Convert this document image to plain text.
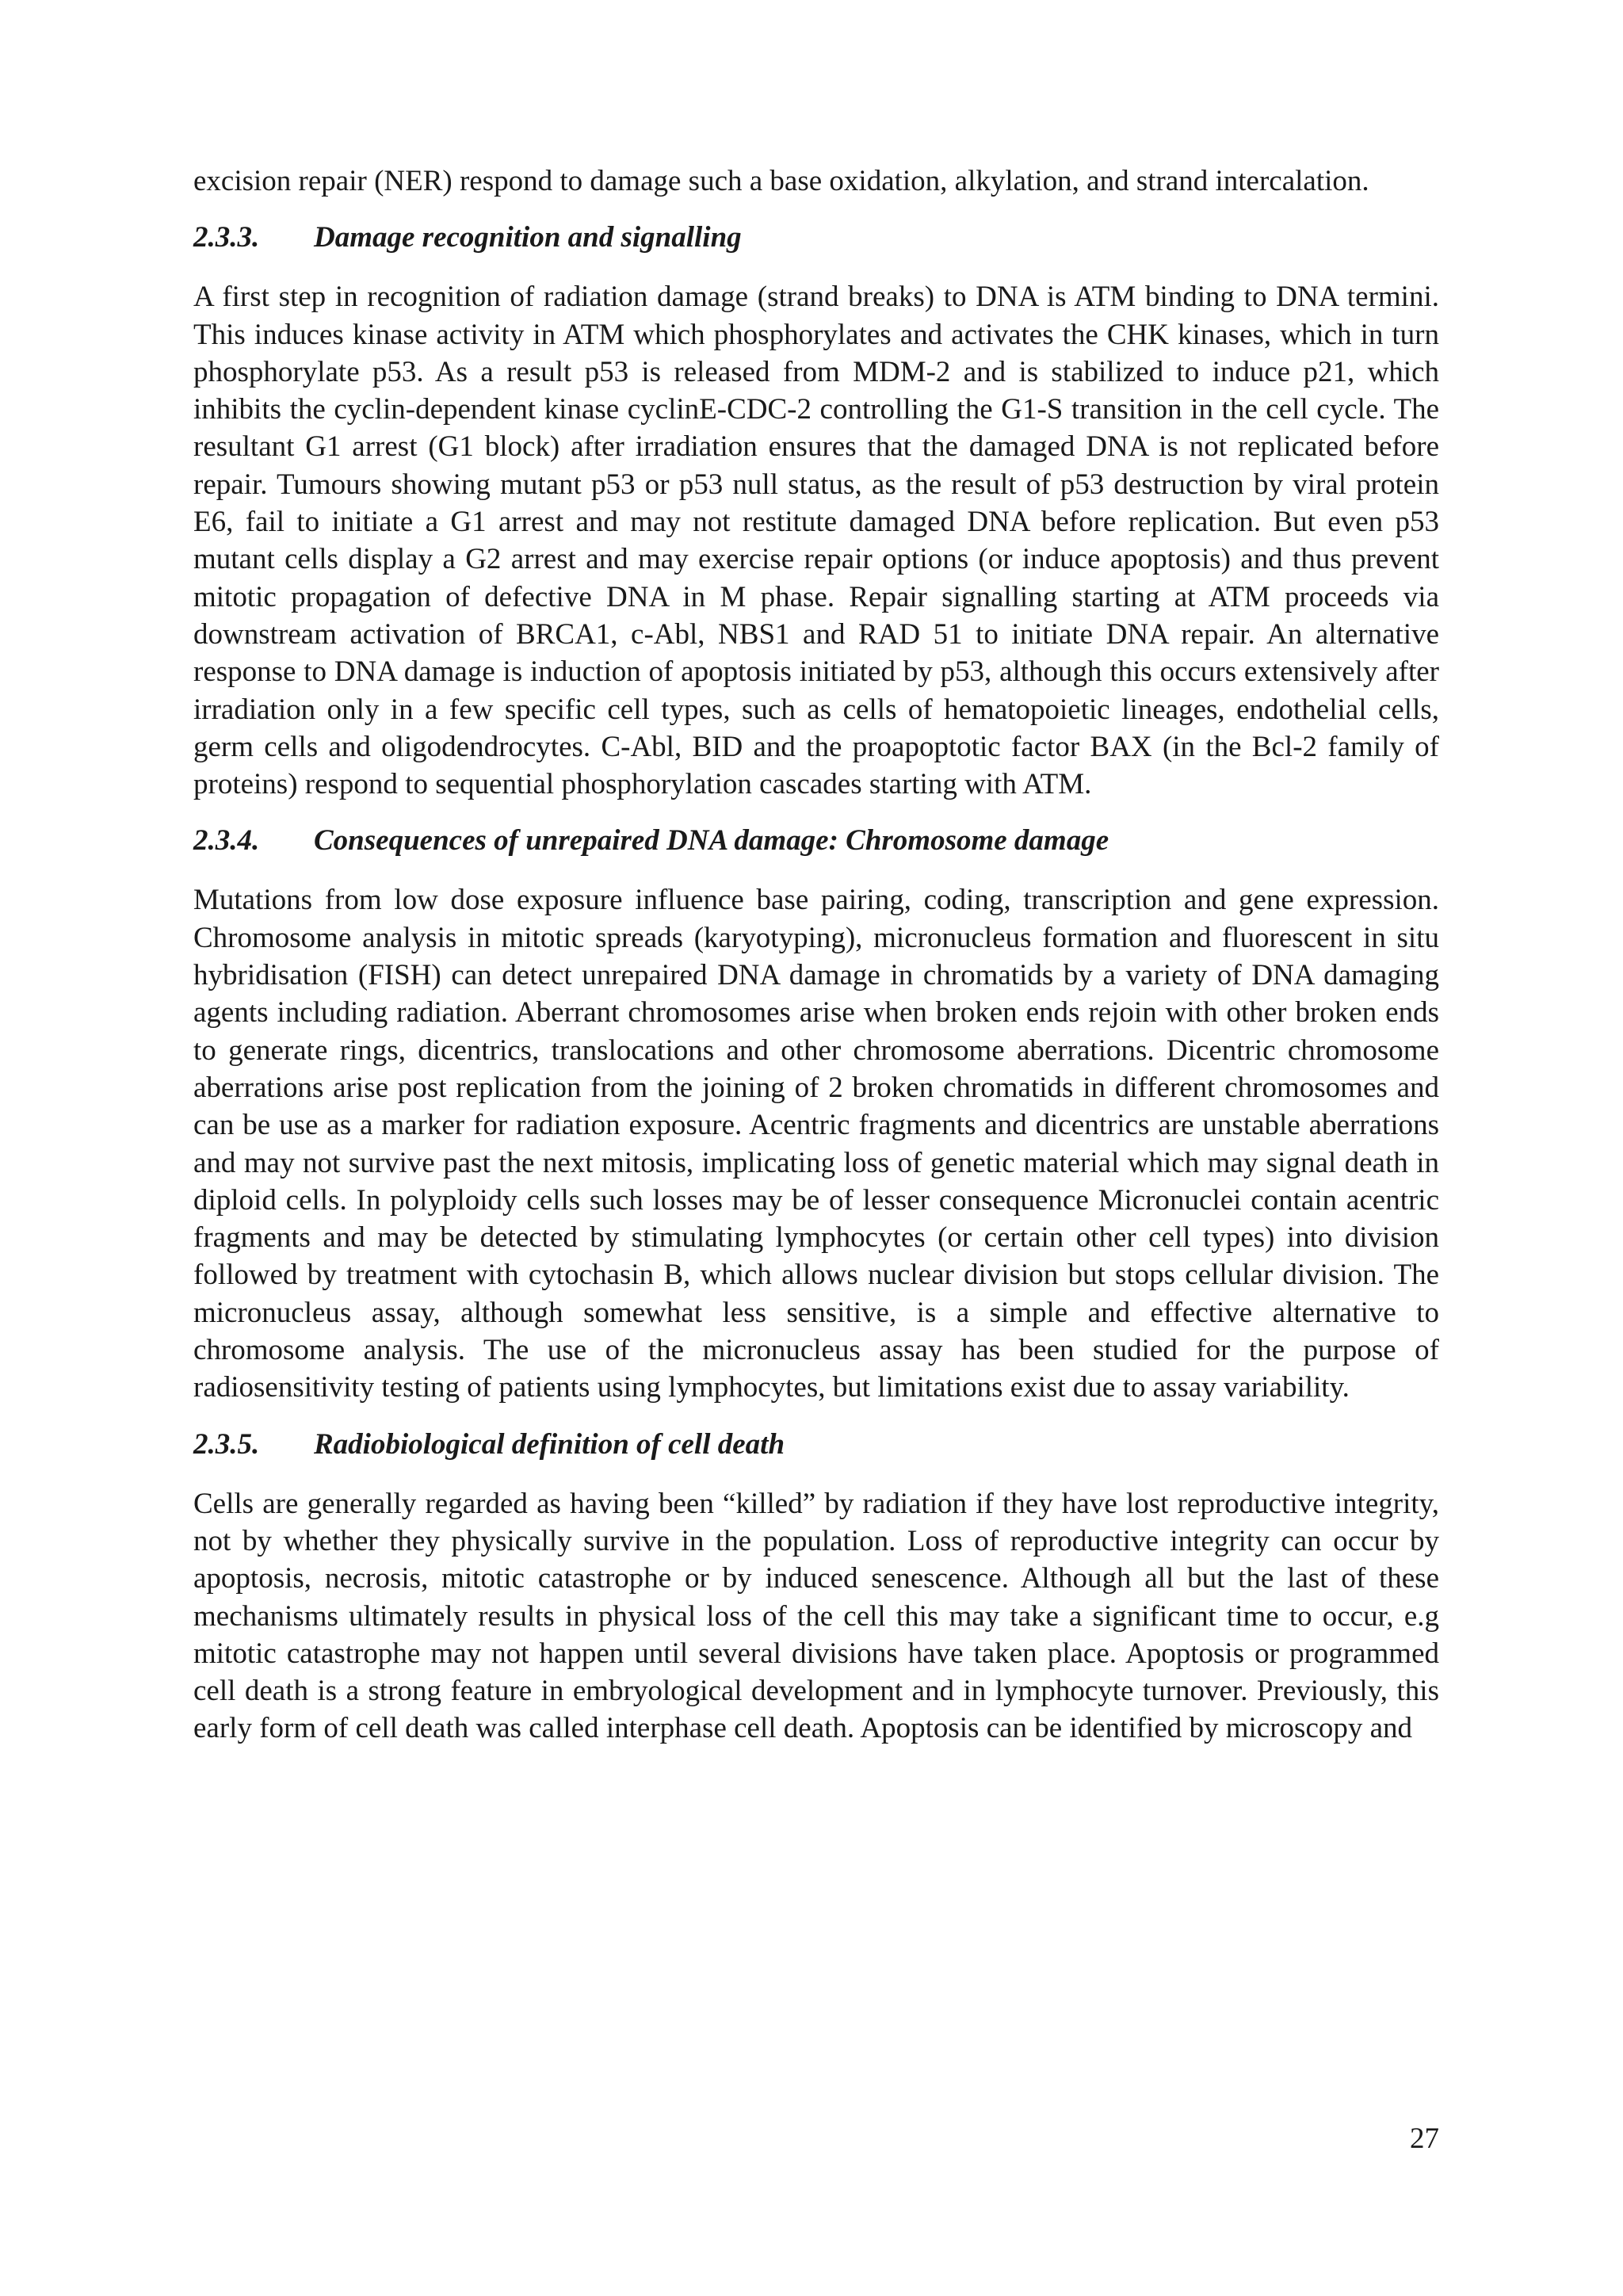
excision repair (NER) respond to damage such a base oxidation, alkylation, and strand intercalation.

2.3.3.	Damage recognition and signalling

A first step in recognition of radiation damage (strand breaks) to DNA is ATM binding to DNA termini. This induces kinase activity in ATM which phosphorylates and activates the CHK kinases, which in turn phosphorylate p53. As a result p53 is released from MDM-2 and is stabilized to induce p21, which inhibits the cyclin-dependent kinase cyclinE-CDC-2 controlling the G1-S transition in the cell cycle. The resultant G1 arrest (G1 block) after irradiation ensures that the damaged DNA is not replicated before repair. Tumours showing mutant p53 or p53 null status, as the result of p53 destruction by viral protein E6, fail to initiate a G1 arrest and may not restitute damaged DNA before replication. But even p53 mutant cells display a G2 arrest and may exercise repair options (or induce apoptosis) and thus prevent mitotic propagation of defective DNA in M phase. Repair signalling starting at ATM proceeds via downstream activation of BRCA1, c-Abl, NBS1 and RAD 51 to initiate DNA repair. An alternative response to DNA damage is induction of apoptosis initiated by p53, although this occurs extensively after irradiation only in a few specific cell types, such as cells of hematopoietic lineages, endothelial cells, germ cells and oligodendrocytes. C-Abl, BID and the proapoptotic factor BAX (in the Bcl-2 family of proteins) respond to sequential phosphorylation cascades starting with ATM.

2.3.4.	Consequences of unrepaired DNA damage: Chromosome damage

Mutations from low dose exposure influence base pairing, coding, transcription and gene expression. Chromosome analysis in mitotic spreads (karyotyping), micronucleus formation and fluorescent in situ hybridisation (FISH) can detect unrepaired DNA damage in chromatids by a variety of DNA damaging agents including radiation. Aberrant chromosomes arise when broken ends rejoin with other broken ends to generate rings, dicentrics, translocations and other chromosome aberrations. Dicentric chromosome aberrations arise post replication from the joining of 2 broken chromatids in different chromosomes and can be use as a marker for radiation exposure. Acentric fragments and dicentrics are unstable aberrations and may not survive past the next mitosis, implicating loss of genetic material which may signal death in diploid cells. In polyploidy cells such losses may be of lesser consequence Micronuclei contain acentric fragments and may be detected by stimulating lymphocytes (or certain other cell types) into division followed by treatment with cytochasin B, which allows nuclear division but stops cellular division. The micronucleus assay, although somewhat less sensitive, is a simple and effective alternative to chromosome analysis. The use of the micronucleus assay has been studied for the purpose of radiosensitivity testing of patients using lymphocytes, but limitations exist due to assay variability.

2.3.5.	Radiobiological definition of cell death

Cells are generally regarded as having been “killed” by radiation if they have lost reproductive integrity, not by whether they physically survive in the population. Loss of reproductive integrity can occur by apoptosis, necrosis, mitotic catastrophe or by induced senescence. Although all but the last of these mechanisms ultimately results in physical loss of the cell this may take a significant time to occur, e.g mitotic catastrophe may not happen until several divisions have taken place. Apoptosis or programmed cell death is a strong feature in embryological development and in lymphocyte turnover. Previously, this early form of cell death was called interphase cell death. Apoptosis can be identified by microscopy and

27
